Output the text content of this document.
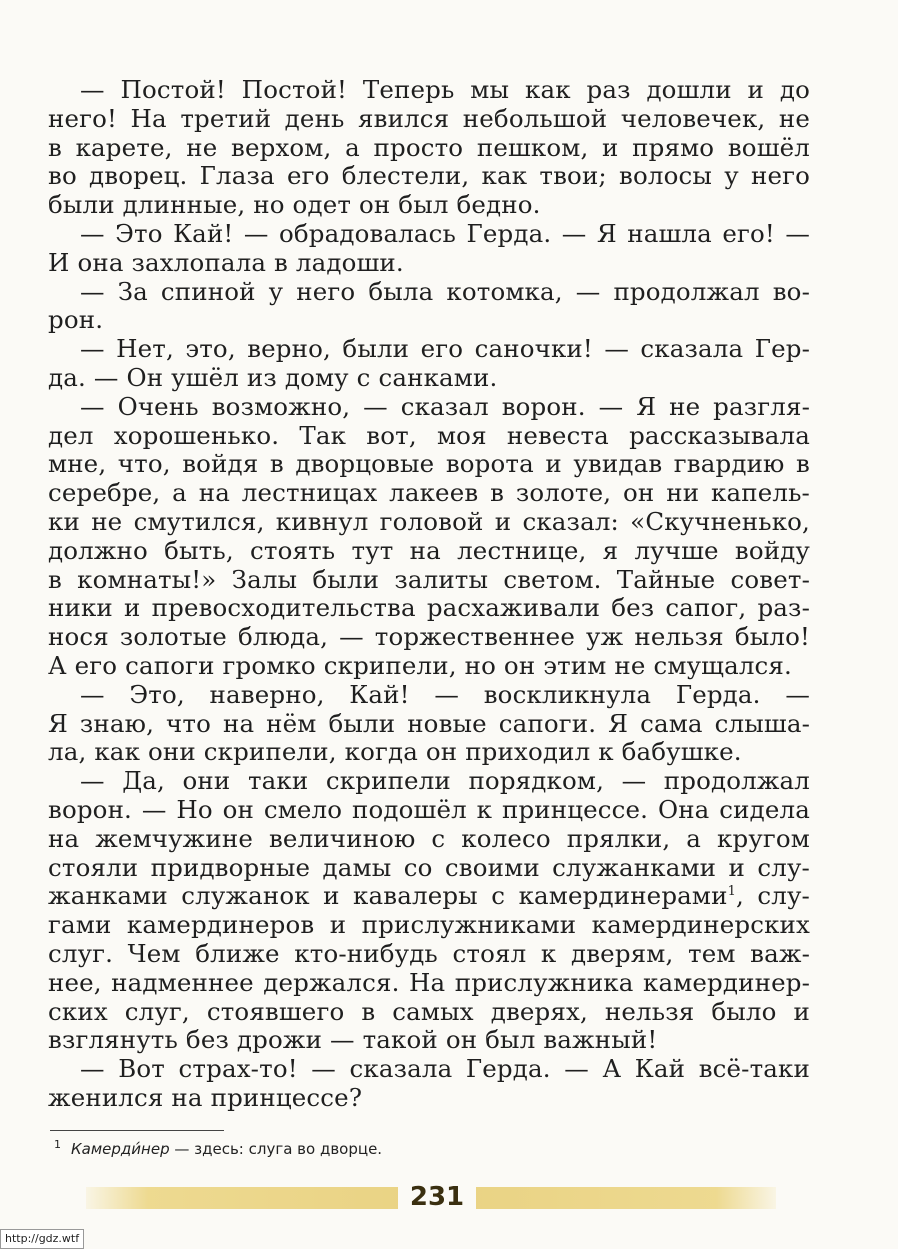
— Постой! Постой! Теперь мы как раз дошли и до
него! На третий день явился небольшой человечек, не
в карете, не верхом, а просто пешком, и прямо вошёл
во дворец. Глаза его блестели, как твои; волосы у него
были длинные, но одет он был бедно.
— Это Кай! — обрадовалась Герда. — Я нашла его! —
И она захлопала в ладоши.
— За спиной у него была котомка, — продолжал во-
рон.
— Нет, это, верно, были его саночки! — сказала Гер-
да. — Он ушёл из дому с санками.
— Очень возможно, — сказал ворон. — Я не разгля-
дел хорошенько. Так вот, моя невеста рассказывала
мне, что, войдя в дворцовые ворота и увидав гвардию в
серебре, а на лестницах лакеев в золоте, он ни капель-
ки не смутился, кивнул головой и сказал: «Скучненько,
должно быть, стоять тут на лестнице, я лучше войду
в комнаты!» Залы были залиты светом. Тайные совет-
ники и превосходительства расхаживали без сапог, раз-
нося золотые блюда, — торжественнее уж нельзя было!
А его сапоги громко скрипели, но он этим не смущался.
— Это, наверно, Кай! — воскликнула Герда. —
Я знаю, что на нём были новые сапоги. Я сама слыша-
ла, как они скрипели, когда он приходил к бабушке.
— Да, они таки скрипели порядком, — продолжал
ворон. — Но он смело подошёл к принцессе. Она сидела
на жемчужине величиною с колесо прялки, а кругом
стояли придворные дамы со своими служанками и слу-
жанками служанок и кавалеры с камердинерами$^1$, слу-
гами камердинеров и прислужниками камердинерских
слуг. Чем ближе кто-нибудь стоял к дверям, тем важ-
нее, надменнее держался. На прислужника камердинер-
ских слуг, стоявшего в самых дверях, нельзя было и
взглянуть без дрожи — такой он был важный!
— Вот страх-то! — сказала Герда. — А Кай всё-таки
женился на принцессе?
$^1$ Камерди́нер — здесь: слуга во дворце.
231
http://gdz.wtf
